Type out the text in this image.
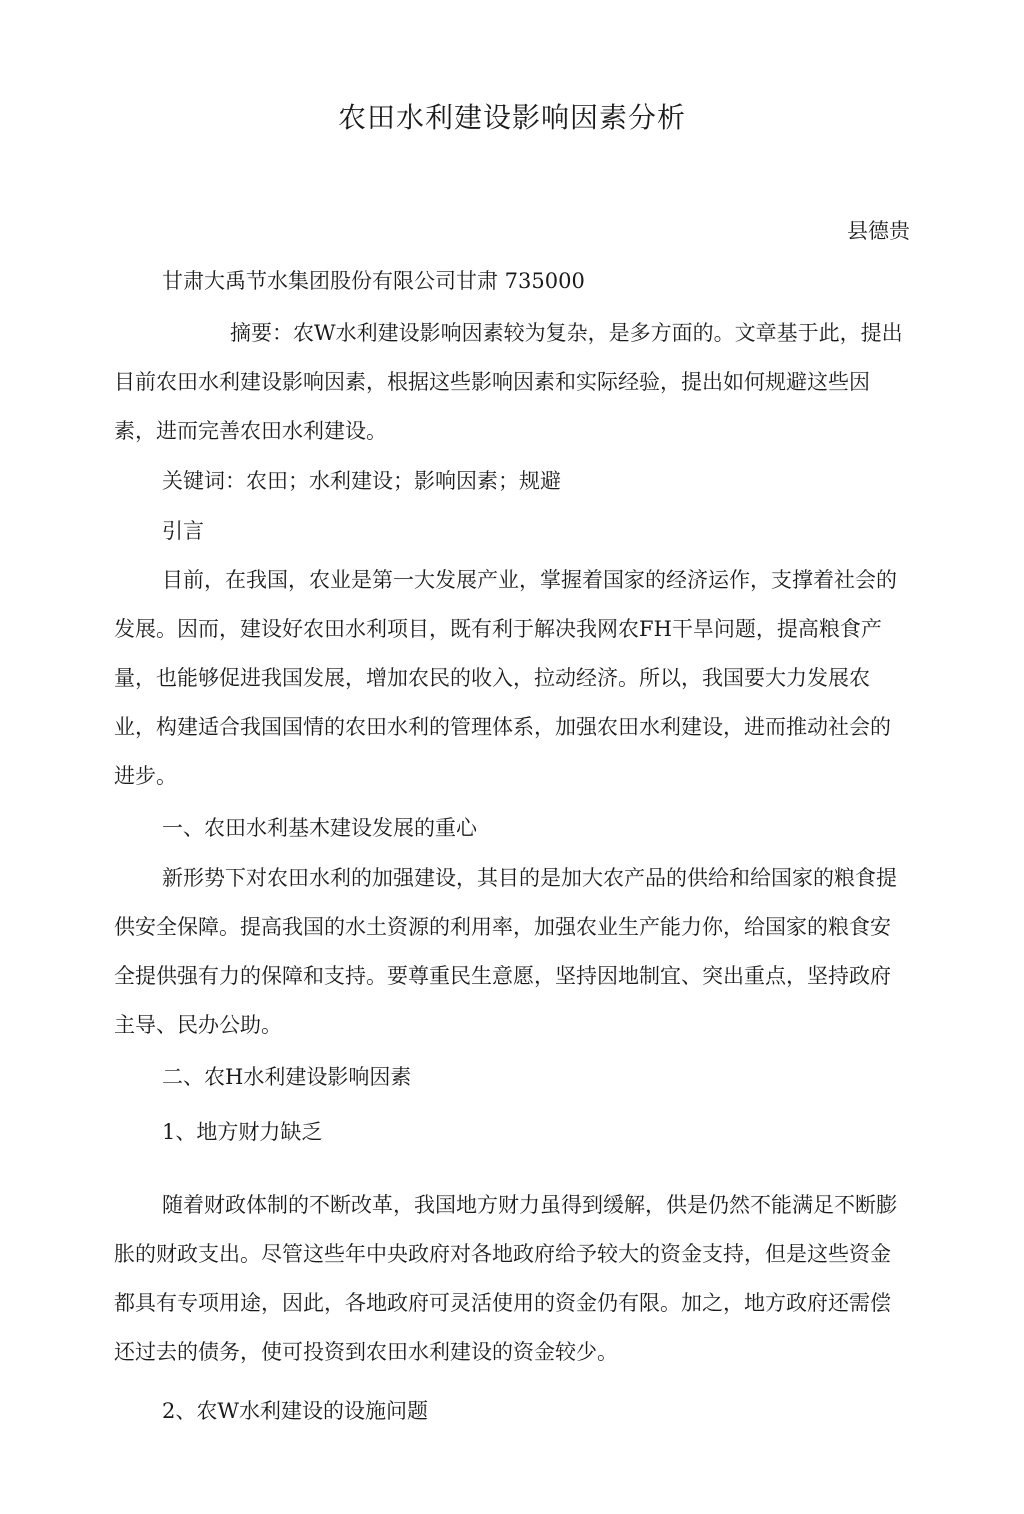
农田水利建设影响因素分析
县德贵
甘肃大禹节水集团股份有限公司甘肃 735000

摘要：农W水利建设影响因素较为复杂，是多方面的。文章基于此，提出目前农田水利建设影响因素，根据这些影响因素和实际经验，提出如何规避这些因素，进而完善农田水利建设。

关键词：农田；水利建设；影响因素；规避
引言

目前，在我国，农业是第一大发展产业，掌握着国家的经济运作，支撑着社会的发展。因而，建设好农田水利项目，既有利于解决我网农FH干旱问题，提高粮食产量，也能够促进我国发展，增加农民的收入，拉动经济。所以，我国要大力发展农业，构建适合我国国情的农田水利的管理体系，加强农田水利建设，进而推动社会的进步。

一、农田水利基木建设发展的重心

新形势下对农田水利的加强建设，其目的是加大农产品的供给和给国家的粮食提供安全保障。提高我国的水土资源的利用率，加强农业生产能力你，给国家的粮食安全提供强有力的保障和支持。要尊重民生意愿，坚持因地制宜、突出重点，坚持政府主导、民办公助。

二、农H水利建设影响因素
1、地方财力缺乏

随着财政体制的不断改革，我国地方财力虽得到缓解，供是仍然不能满足不断膨胀的财政支出。尽管这些年中央政府对各地政府给予较大的资金支持，但是这些资金都具有专项用途，因此，各地政府可灵活使用的资金仍有限。加之，地方政府还需偿还过去的债务，使可投资到农田水利建设的资金较少。

2、农W水利建设的设施问题
